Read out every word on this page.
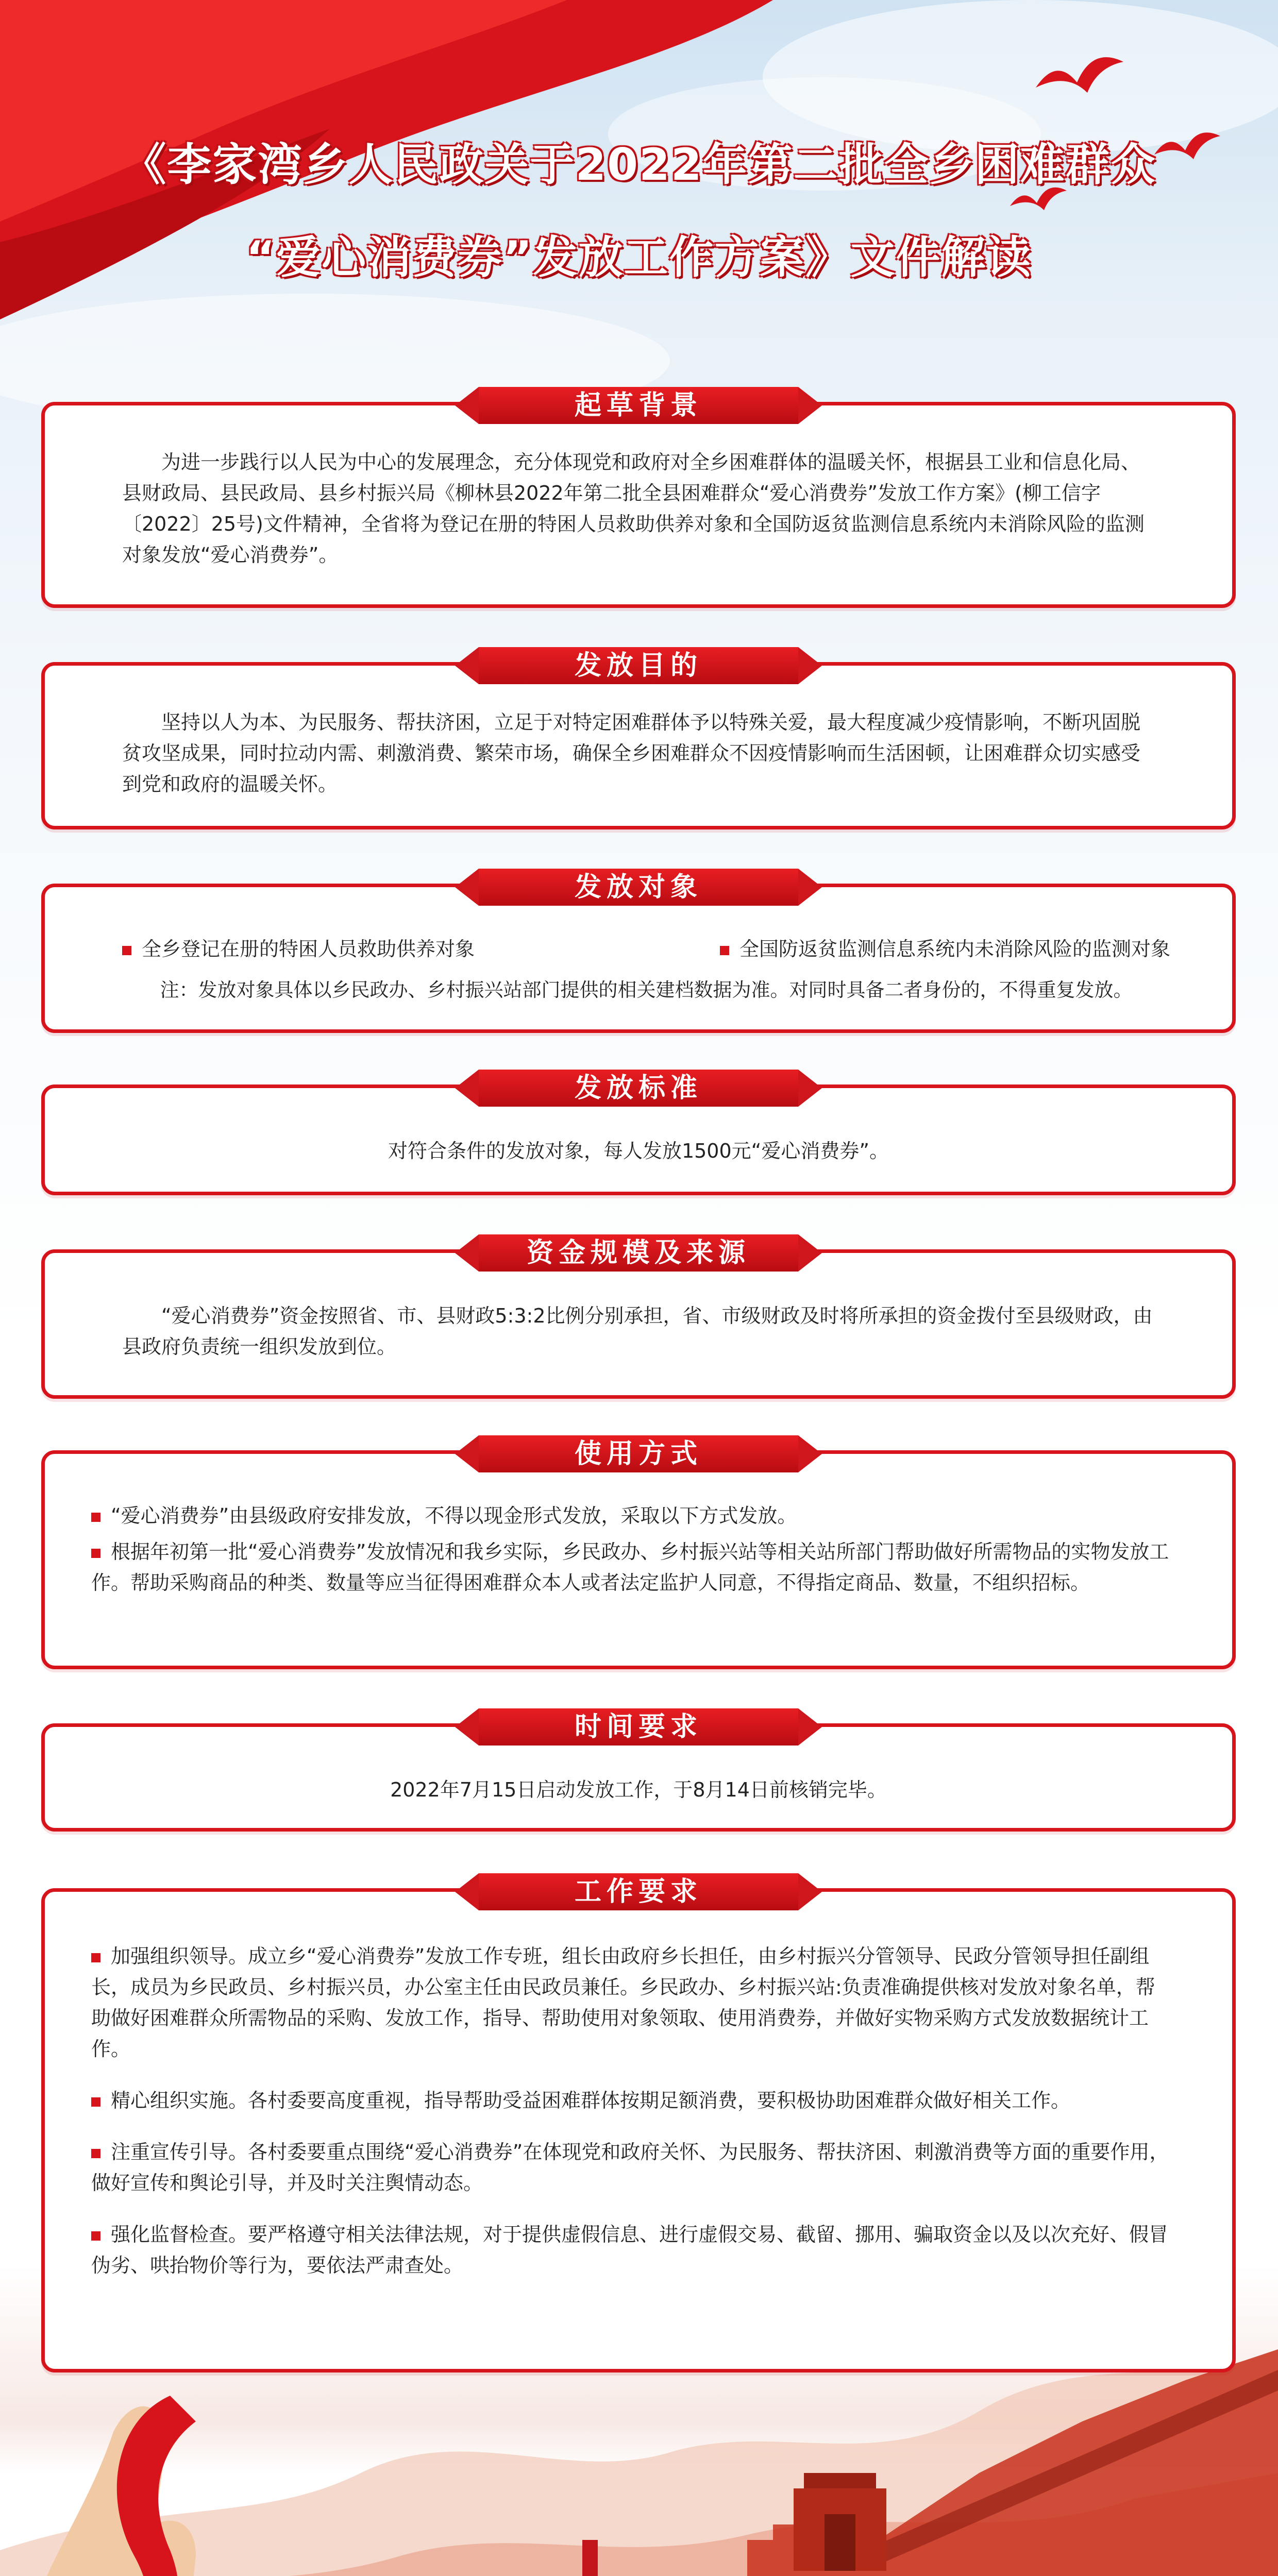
《李家湾乡人民政关于2022年第二批全乡困难群众
“爱心消费券”发放工作方案》文件解读
起草背景

为进一步践行以人民为中心的发展理念，充分体现党和政府对全乡困难群体的温暖关怀，根据县工业和信息化局、县财政局、县民政局、县乡村振兴局《柳林县2022年第二批全县困难群众“爱心消费券”发放工作方案》(柳工信字〔2022〕25号)文件精神，全省将为登记在册的特困人员救助供养对象和全国防返贫监测信息系统内未消除风险的监测对象发放“爱心消费券”。

发放目的

坚持以人为本、为民服务、帮扶济困，立足于对特定困难群体予以特殊关爱，最大程度减少疫情影响，不断巩固脱贫攻坚成果，同时拉动内需、刺激消费、繁荣市场，确保全乡困难群众不因疫情影响而生活困顿，让困难群众切实感受到党和政府的温暖关怀。

发放对象
全乡登记在册的特困人员救助供养对象	全国防返贫监测信息系统内未消除风险的监测对象
注：发放对象具体以乡民政办、乡村振兴站部门提供的相关建档数据为准。对同时具备二者身份的，不得重复发放。
发放标准
对符合条件的发放对象，每人发放1500元“爱心消费券”。
资金规模及来源

“爱心消费券”资金按照省、市、县财政5:3:2比例分别承担，省、市级财政及时将所承担的资金拨付至县级财政，由县政府负责统一组织发放到位。

使用方式
“爱心消费券”由县级政府安排发放，不得以现金形式发放，采取以下方式发放。
根据年初第一批“爱心消费券”发放情况和我乡实际，乡民政办、乡村振兴站等相关站所部门帮助做好所需物品的实物发放工作。帮助采购商品的种类、数量等应当征得困难群众本人或者法定监护人同意，不得指定商品、数量，不组织招标。
时间要求
2022年7月15日启动发放工作，于8月14日前核销完毕。
工作要求
加强组织领导。成立乡“爱心消费券”发放工作专班，组长由政府乡长担任，由乡村振兴分管领导、民政分管领导担任副组长，成员为乡民政员、乡村振兴员，办公室主任由民政员兼任。乡民政办、乡村振兴站:负责准确提供核对发放对象名单，帮助做好困难群众所需物品的采购、发放工作，指导、帮助使用对象领取、使用消费券，并做好实物采购方式发放数据统计工作。
精心组织实施。各村委要高度重视，指导帮助受益困难群体按期足额消费，要积极协助困难群众做好相关工作。
注重宣传引导。各村委要重点围绕“爱心消费券”在体现党和政府关怀、为民服务、帮扶济困、刺激消费等方面的重要作用，做好宣传和舆论引导，并及时关注舆情动态。
强化监督检查。要严格遵守相关法律法规，对于提供虚假信息、进行虚假交易、截留、挪用、骗取资金以及以次充好、假冒伪劣、哄抬物价等行为，要依法严肃查处。
